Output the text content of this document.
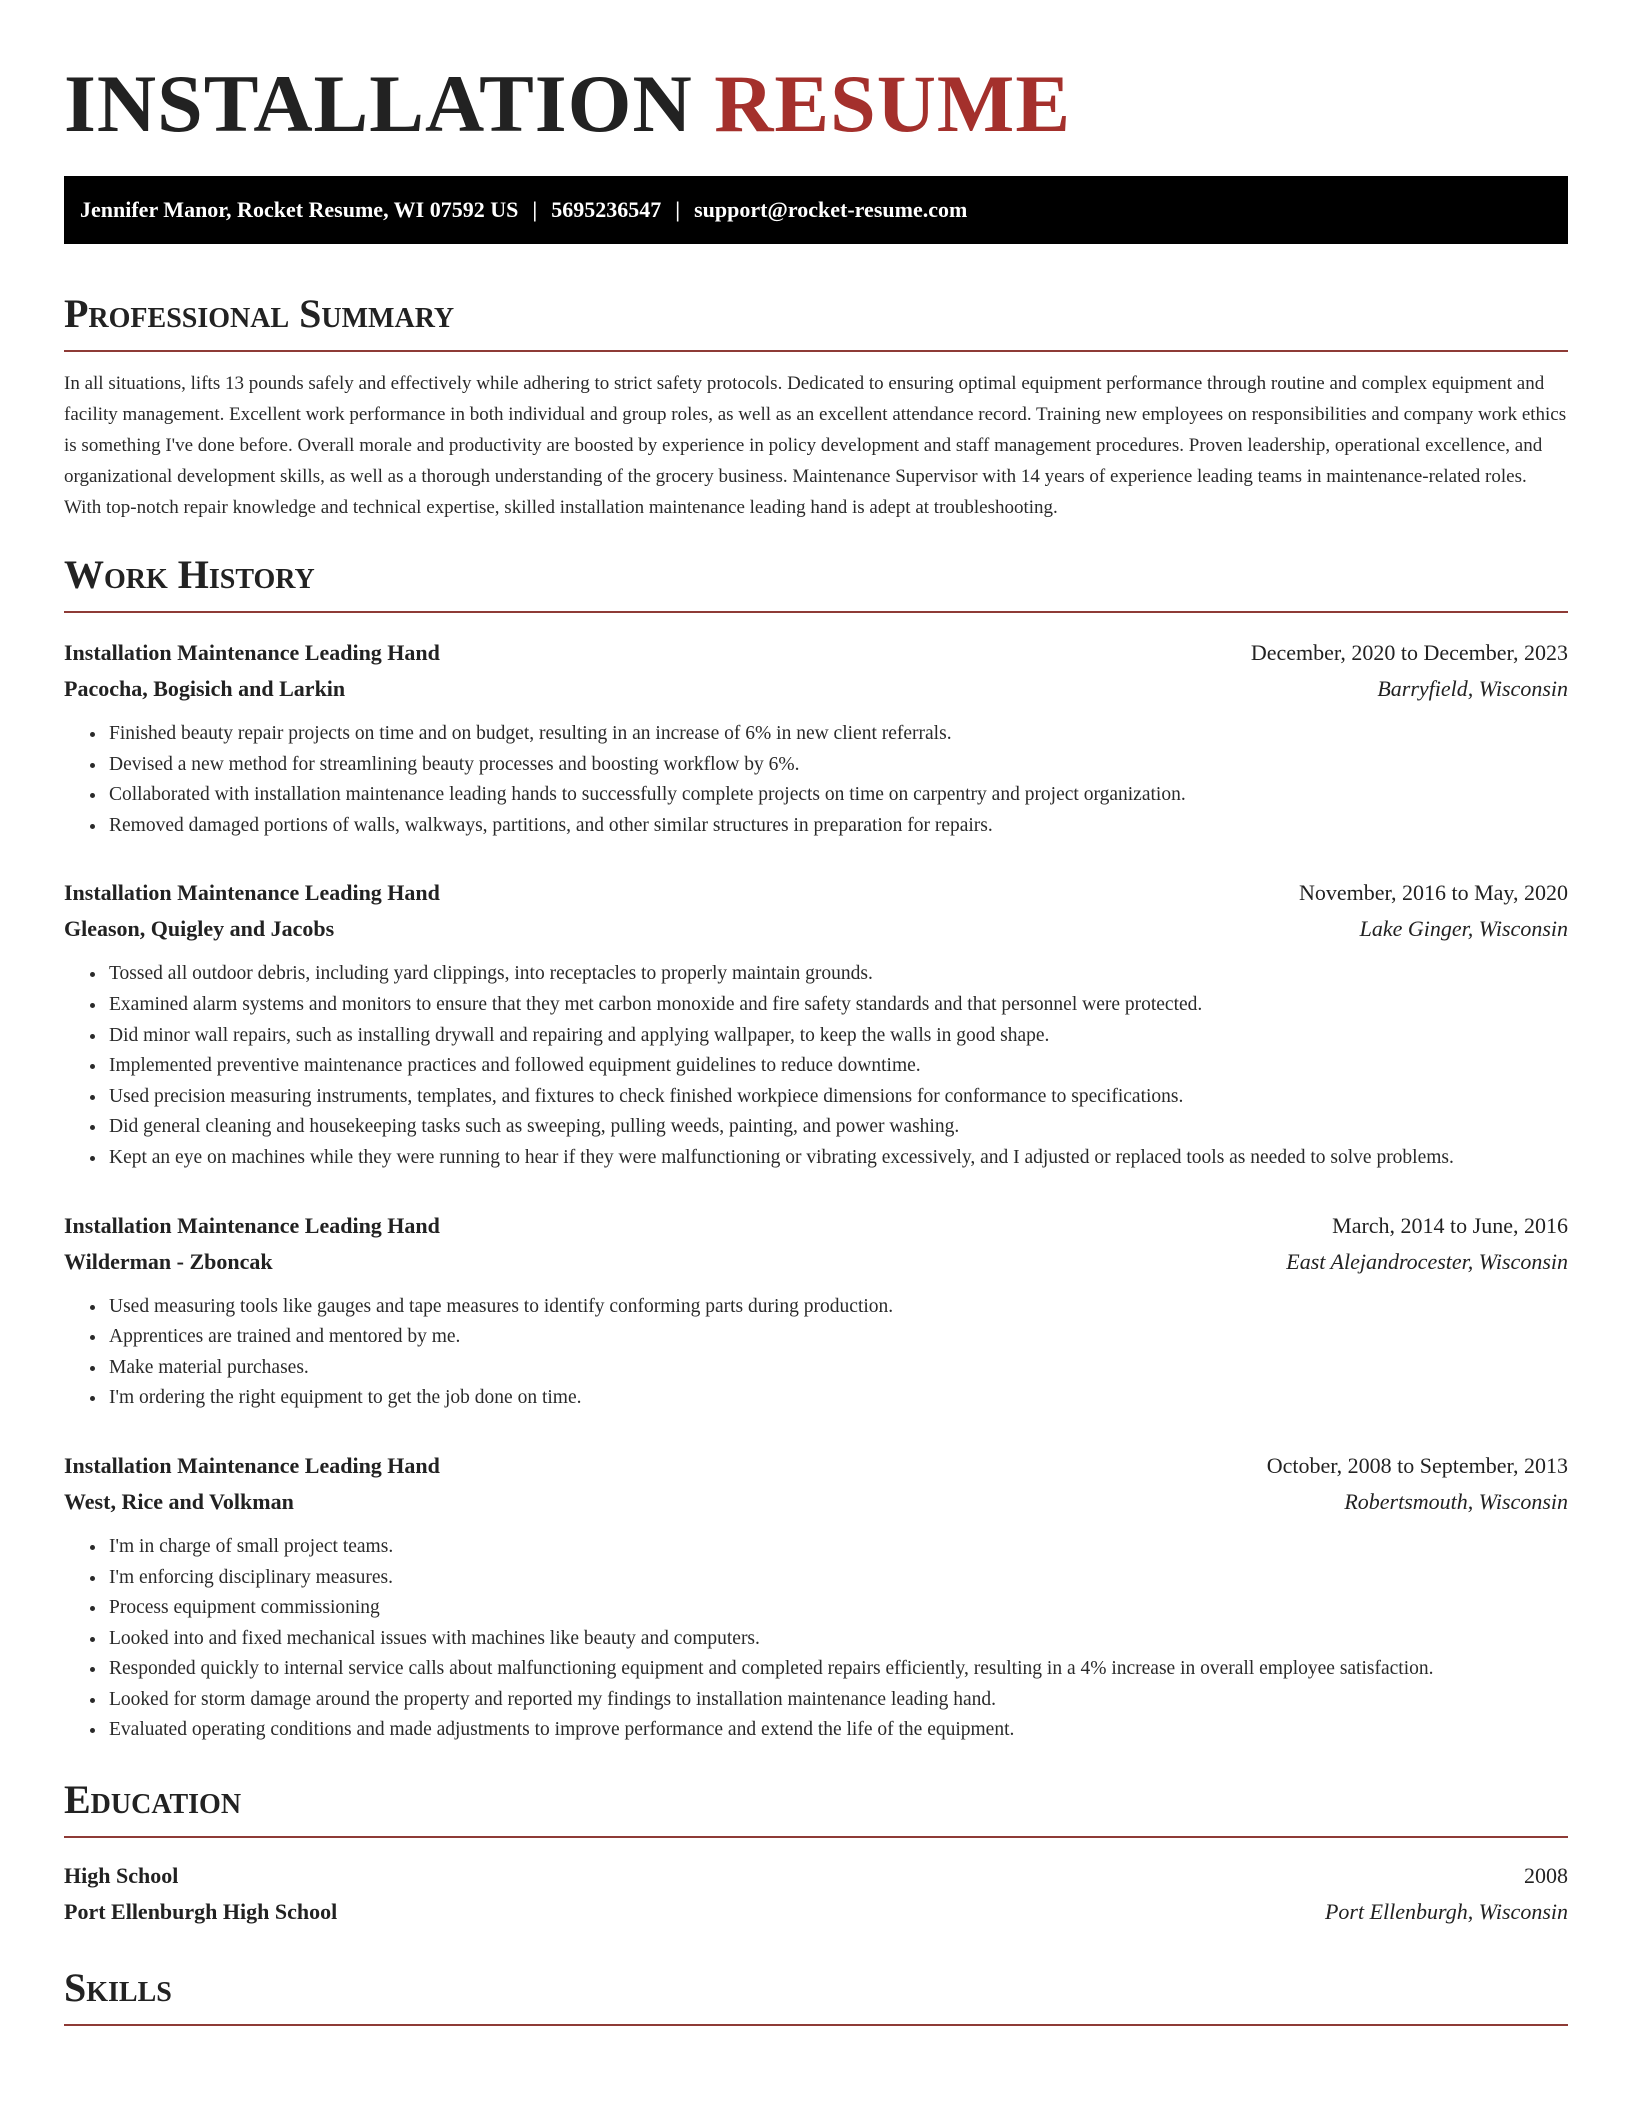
INSTALLATION RESUME
Jennifer Manor, Rocket Resume, WI 07592 US | 5695236547 | support@rocket-resume.com
Professional Summary

In all situations, lifts 13 pounds safely and effectively while adhering to strict safety protocols. Dedicated to ensuring optimal equipment performance through routine and complex equipment and facility management. Excellent work performance in both individual and group roles, as well as an excellent attendance record. Training new employees on responsibilities and company work ethics is something I've done before. Overall morale and productivity are boosted by experience in policy development and staff management procedures. Proven leadership, operational excellence, and organizational development skills, as well as a thorough understanding of the grocery business. Maintenance Supervisor with 14 years of experience leading teams in maintenance-related roles. With top-notch repair knowledge and technical expertise, skilled installation maintenance leading hand is adept at troubleshooting.

Work History
Installation Maintenance Leading Hand	December, 2020 to December, 2023
Pacocha, Bogisich and Larkin	Barryfield, Wisconsin
• Finished beauty repair projects on time and on budget, resulting in an increase of 6% in new client referrals.
• Devised a new method for streamlining beauty processes and boosting workflow by 6%.
• Collaborated with installation maintenance leading hands to successfully complete projects on time on carpentry and project organization.
• Removed damaged portions of walls, walkways, partitions, and other similar structures in preparation for repairs.
Installation Maintenance Leading Hand	November, 2016 to May, 2020
Gleason, Quigley and Jacobs	Lake Ginger, Wisconsin
• Tossed all outdoor debris, including yard clippings, into receptacles to properly maintain grounds.
• Examined alarm systems and monitors to ensure that they met carbon monoxide and fire safety standards and that personnel were protected.
• Did minor wall repairs, such as installing drywall and repairing and applying wallpaper, to keep the walls in good shape.
• Implemented preventive maintenance practices and followed equipment guidelines to reduce downtime.
• Used precision measuring instruments, templates, and fixtures to check finished workpiece dimensions for conformance to specifications.
• Did general cleaning and housekeeping tasks such as sweeping, pulling weeds, painting, and power washing.
• Kept an eye on machines while they were running to hear if they were malfunctioning or vibrating excessively, and I adjusted or replaced tools as needed to solve problems.
Installation Maintenance Leading Hand	March, 2014 to June, 2016
Wilderman - Zboncak	East Alejandrocester, Wisconsin
• Used measuring tools like gauges and tape measures to identify conforming parts during production.
• Apprentices are trained and mentored by me.
• Make material purchases.
• I'm ordering the right equipment to get the job done on time.
Installation Maintenance Leading Hand	October, 2008 to September, 2013
West, Rice and Volkman	Robertsmouth, Wisconsin
• I'm in charge of small project teams.
• I'm enforcing disciplinary measures.
• Process equipment commissioning
• Looked into and fixed mechanical issues with machines like beauty and computers.
• Responded quickly to internal service calls about malfunctioning equipment and completed repairs efficiently, resulting in a 4% increase in overall employee satisfaction.
• Looked for storm damage around the property and reported my findings to installation maintenance leading hand.
• Evaluated operating conditions and made adjustments to improve performance and extend the life of the equipment.
Education
High School	2008
Port Ellenburgh High School	Port Ellenburgh, Wisconsin
Skills
